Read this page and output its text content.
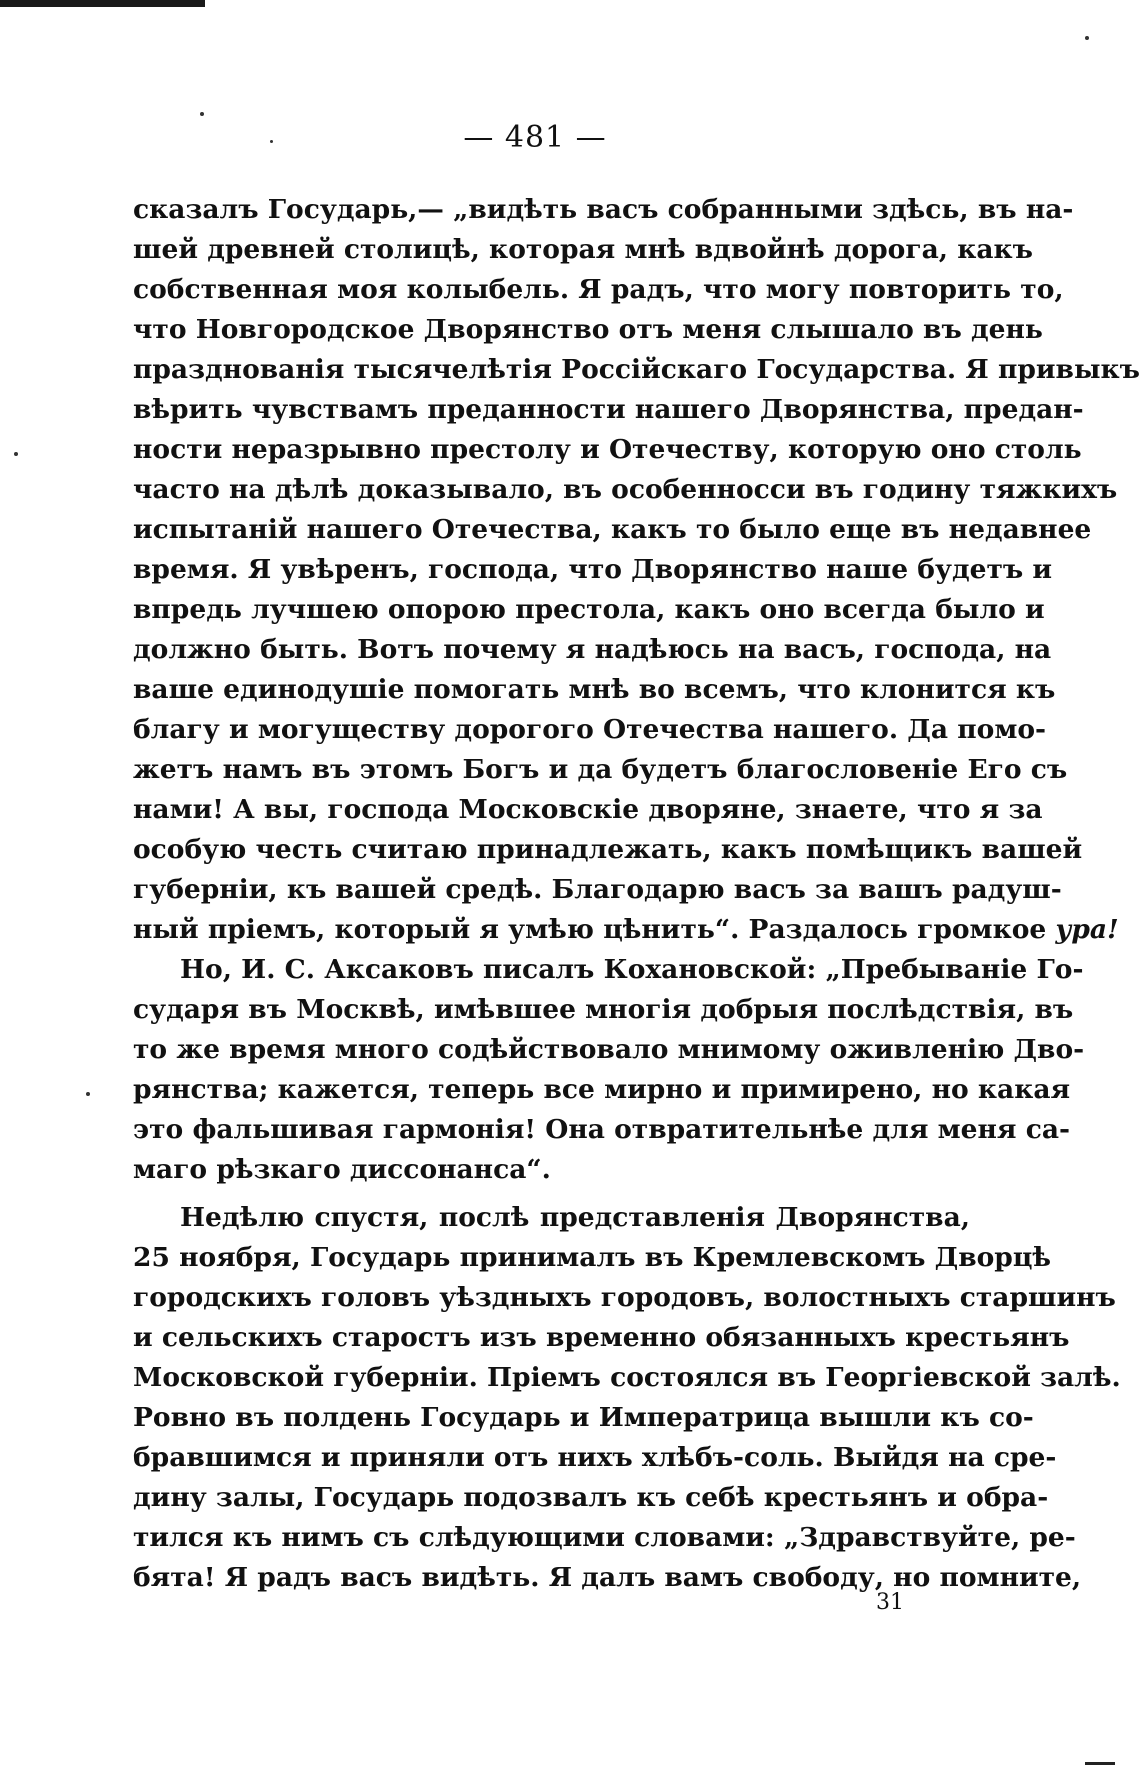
— 481 —
сказалъ Государь,— „видѣть васъ собранными здѣсь, въ на-
шей древней столицѣ, которая мнѣ вдвойнѣ дорога, какъ
собственная моя колыбель. Я радъ, что могу повторить то,
что Новгородское Дворянство отъ меня слышало въ день
празднованія тысячелѣтія Россійскаго Государства. Я привыкъ
вѣрить чувствамъ преданности нашего Дворянства, предан-
ности неразрывно престолу и Отечеству, которую оно столь
часто на дѣлѣ доказывало, въ особенносси въ годину тяжкихъ
испытаній нашего Отечества, какъ то было еще въ недавнее
время. Я увѣренъ, господа, что Дворянство наше будетъ и
впредь лучшею опорою престола, какъ оно всегда было и
должно быть. Вотъ почему я надѣюсь на васъ, господа, на
ваше единодушіе помогать мнѣ во всемъ, что клонится къ
благу и могуществу дорогого Отечества нашего. Да помо-
жетъ намъ въ этомъ Богъ и да будетъ благословеніе Его съ
нами! А вы, господа Московскіе дворяне, знаете, что я за
особую честь считаю принадлежать, какъ помѣщикъ вашей
губерніи, къ вашей средѣ. Благодарю васъ за вашъ радуш-
ный пріемъ, который я умѣю цѣнить“. Раздалось громкое ура!
Но, И. С. Аксаковъ писалъ Кохановской: „Пребываніе Го-
сударя въ Москвѣ, имѣвшее многія добрыя послѣдствія, въ
то же время много содѣйствовало мнимому оживленію Дво-
рянства; кажется, теперь все мирно и примирено, но какая
это фальшивая гармонія! Она отвратительнѣе для меня са-
маго рѣзкаго диссонанса“.
Недѣлю спустя, послѣ представленія Дворянства,
25 ноября, Государь принималъ въ Кремлевскомъ Дворцѣ
городскихъ головъ уѣздныхъ городовъ, волостныхъ старшинъ
и сельскихъ старостъ изъ временно обязанныхъ крестьянъ
Московской губерніи. Пріемъ состоялся въ Георгіевской залѣ.
Ровно въ полдень Государь и Императрица вышли къ со-
бравшимся и приняли отъ нихъ хлѣбъ-соль. Выйдя на сре-
дину залы, Государь подозвалъ къ себѣ крестьянъ и обра-
тился къ нимъ съ слѣдующими словами: „Здравствуйте, ре-
бята! Я радъ васъ видѣть. Я далъ вамъ свободу, но помните,
31
